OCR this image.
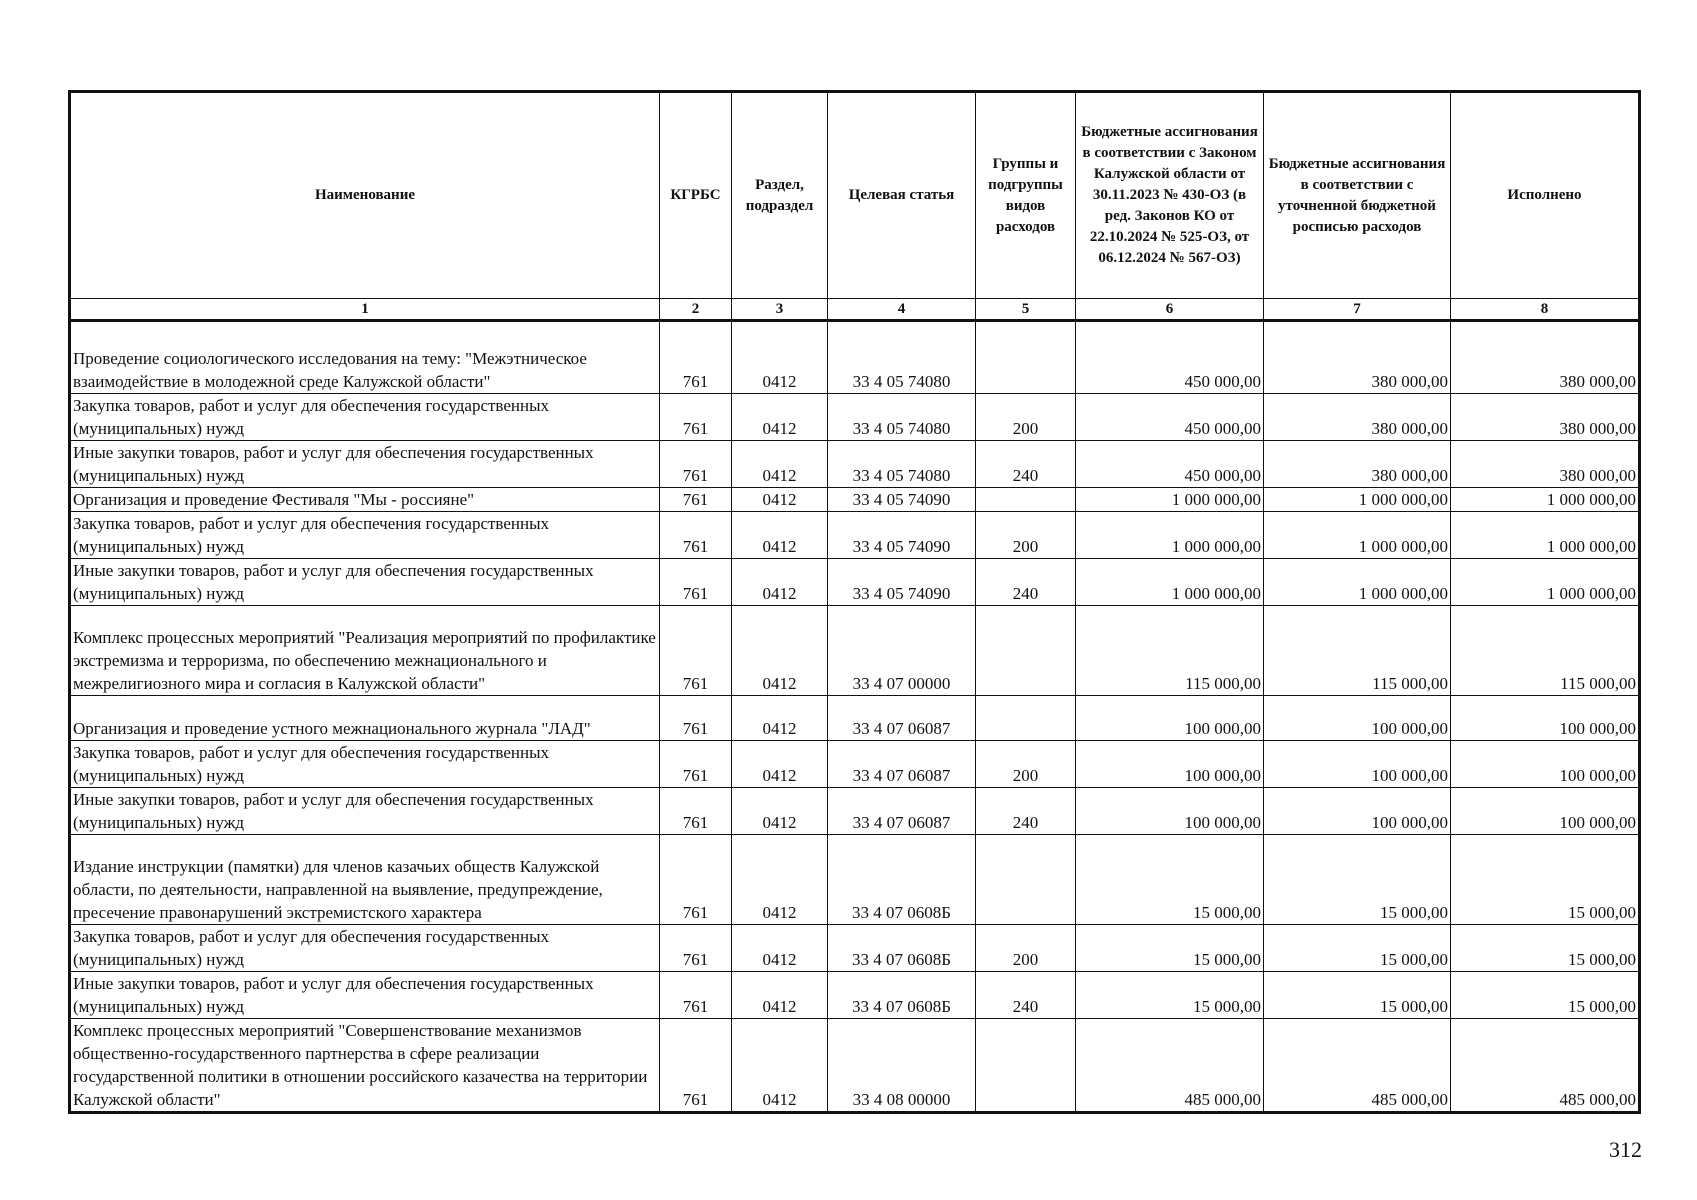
Наименование	КГРБС	Раздел, подраздел	Целевая статья	Группы и подгруппы видов расходов	Бюджетные ассигнования в соответствии с Законом Калужской области от 30.11.2023 № 430-ОЗ (в ред. Законов КО от 22.10.2024 № 525-ОЗ, от 06.12.2024 № 567-ОЗ)	Бюджетные ассигнования в соответствии с уточненной бюджетной росписью расходов	Исполнено
1	2	3	4	5	6	7	8
Проведение социологического исследования на тему: "Межэтническое взаимодействие в молодежной среде Калужской области"	761	0412	33 4 05 74080		450 000,00	380 000,00	380 000,00
Закупка товаров, работ и услуг для обеспечения государственных (муниципальных) нужд	761	0412	33 4 05 74080	200	450 000,00	380 000,00	380 000,00
Иные закупки товаров, работ и услуг для обеспечения государственных (муниципальных) нужд	761	0412	33 4 05 74080	240	450 000,00	380 000,00	380 000,00
Организация и проведение Фестиваля "Мы - россияне"	761	0412	33 4 05 74090		1 000 000,00	1 000 000,00	1 000 000,00
Закупка товаров, работ и услуг для обеспечения государственных (муниципальных) нужд	761	0412	33 4 05 74090	200	1 000 000,00	1 000 000,00	1 000 000,00
Иные закупки товаров, работ и услуг для обеспечения государственных (муниципальных) нужд	761	0412	33 4 05 74090	240	1 000 000,00	1 000 000,00	1 000 000,00
Комплекс процессных мероприятий "Реализация мероприятий по профилактике экстремизма и терроризма, по обеспечению межнационального и межрелигиозного мира и согласия в Калужской области"	761	0412	33 4 07 00000		115 000,00	115 000,00	115 000,00
Организация и проведение устного межнационального журнала "ЛАД"	761	0412	33 4 07 06087		100 000,00	100 000,00	100 000,00
Закупка товаров, работ и услуг для обеспечения государственных (муниципальных) нужд	761	0412	33 4 07 06087	200	100 000,00	100 000,00	100 000,00
Иные закупки товаров, работ и услуг для обеспечения государственных (муниципальных) нужд	761	0412	33 4 07 06087	240	100 000,00	100 000,00	100 000,00
Издание инструкции (памятки) для членов казачьих обществ Калужской области, по деятельности, направленной на выявление, предупреждение, пресечение правонарушений экстремистского характера	761	0412	33 4 07 0608Б		15 000,00	15 000,00	15 000,00
Закупка товаров, работ и услуг для обеспечения государственных (муниципальных) нужд	761	0412	33 4 07 0608Б	200	15 000,00	15 000,00	15 000,00
Иные закупки товаров, работ и услуг для обеспечения государственных (муниципальных) нужд	761	0412	33 4 07 0608Б	240	15 000,00	15 000,00	15 000,00
Комплекс процессных мероприятий "Совершенствование механизмов общественно-государственного партнерства в сфере реализации государственной политики в отношении российского казачества на территории Калужской области"	761	0412	33 4 08 00000		485 000,00	485 000,00	485 000,00
312
